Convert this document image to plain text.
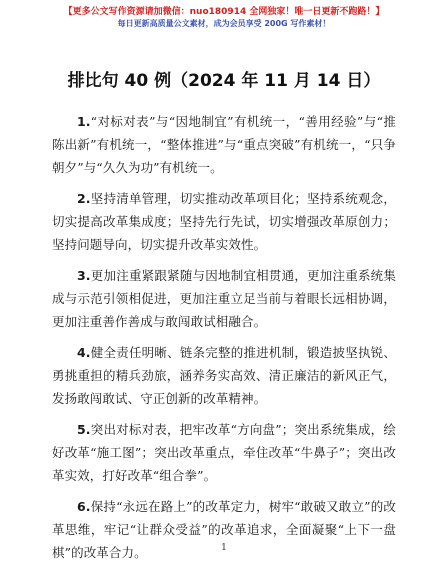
【更多公文写作资源请加微信：nuo180914 全网独家！唯一日更新不跑路！】
每日更新高质量公文素材，成为会员享受 200G 写作素材！
排比句 40 例（2024 年 11 月 14 日）

1.“对标对表”与“因地制宜”有机统一，“善用经验”与“推陈出新”有机统一，“整体推进”与“重点突破”有机统一，“只争朝夕”与“久久为功”有机统一。

2.坚持清单管理，切实推动改革项目化；坚持系统观念，切实提高改革集成度；坚持先行先试，切实增强改革原创力；坚持问题导向，切实提升改革实效性。

3.更加注重紧跟紧随与因地制宜相贯通，更加注重系统集成与示范引领相促进，更加注重立足当前与着眼长远相协调，更加注重善作善成与敢闯敢试相融合。

4.健全责任明晰、链条完整的推进机制，锻造披坚执锐、勇挑重担的精兵劲旅，涵养务实高效、清正廉洁的新风正气，发扬敢闯敢试、守正创新的改革精神。

5.突出对标对表，把牢改革“方向盘”；突出系统集成，绘好改革“施工图”；突出改革重点，牵住改革“牛鼻子”；突出改革实效，打好改革“组合拳”。

6.保持“永远在路上”的改革定力，树牢“敢破又敢立”的改革思维，牢记“让群众受益”的改革追求，全面凝聚“上下一盘棋”的改革合力。	1
